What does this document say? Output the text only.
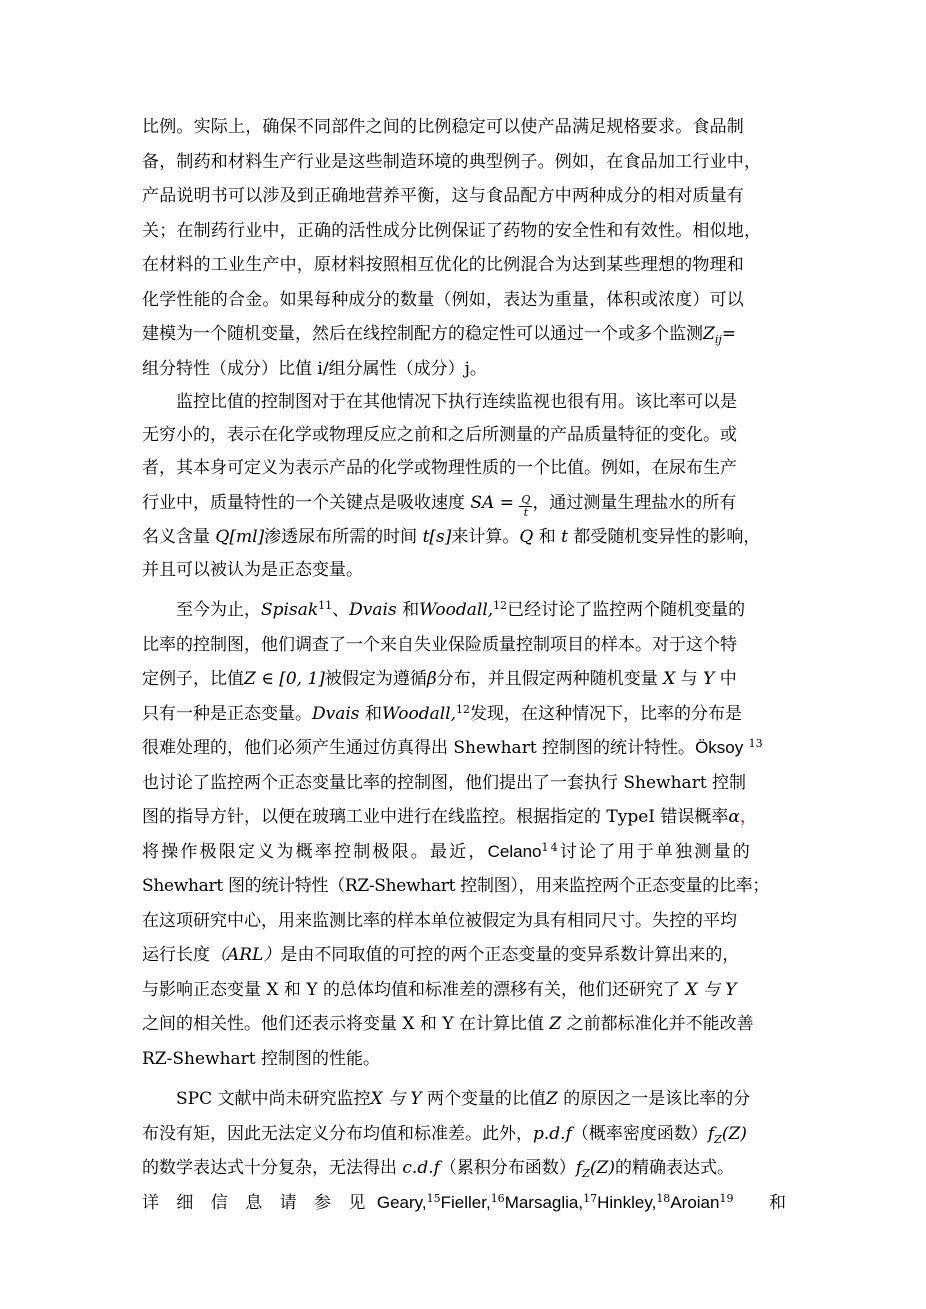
比例。实际上，确保不同部件之间的比例稳定可以使产品满足规格要求。食品制
备，制药和材料生产行业是这些制造环境的典型例子。例如，在食品加工行业中，
产品说明书可以涉及到正确地营养平衡，这与食品配方中两种成分的相对质量有
关；在制药行业中，正确的活性成分比例保证了药物的安全性和有效性。相似地，
在材料的工业生产中，原材料按照相互优化的比例混合为达到某些理想的物理和
化学性能的合金。如果每种成分的数量（例如，表达为重量，体积或浓度）可以
建模为一个随机变量，然后在线控制配方的稳定性可以通过一个或多个监测$Z_{ij}=$
组分特性（成分）比值 i/组分属性（成分）j。

监控比值的控制图对于在其他情况下执行连续监视也很有用。该比率可以是
无穷小的，表示在化学或物理反应之前和之后所测量的产品质量特征的变化。或
者，其本身可定义为表示产品的化学或物理性质的一个比值。例如，在尿布生产
行业中，质量特性的一个关键点是吸收速度 SA = $\frac{Q}{t}$ ，通过测量生理盐水的所有
名义含量 Q[ml]渗透尿布所需的时间 t[s]来计算。Q 和 t 都受随机变异性的影响，
并且可以被认为是正态变量。

至今为止，Spisak$^{11}$、Dvais 和Woodall,$^{12}$已经讨论了监控两个随机变量的
比率的控制图，他们调查了一个来自失业保险质量控制项目的样本。对于这个特
定例子，比值Z ∈ [0, 1]被假定为遵循β分布，并且假定两种随机变量 X 与 Y 中
只有一种是正态变量。Dvais 和Woodall,$^{12}$发现，在这种情况下，比率的分布是
很难处理的，他们必须产生通过仿真得出 Shewhart 控制图的统计特性。Öksoy $^{13}$
也讨论了监控两个正态变量比率的控制图，他们提出了一套执行 Shewhart 控制
图的指导方针，以便在玻璃工业中进行在线监控。根据指定的 TypeI 错误概率α，
将操作极限定义为概率控制极限。最近，Celano$^{14}$讨论了用于单独测量的
Shewhart 图的统计特性（RZ-Shewhart 控制图），用来监控两个正态变量的比率；
在这项研究中心，用来监测比率的样本单位被假定为具有相同尺寸。失控的平均
运行长度（ARL）是由不同取值的可控的两个正态变量的变异系数计算出来的，
与影响正态变量 X 和 Y 的总体均值和标准差的漂移有关，他们还研究了 X 与 Y
之间的相关性。他们还表示将变量 X 和 Y 在计算比值 Z 之前都标准化并不能改善
RZ-Shewhart 控制图的性能。

SPC 文献中尚未研究监控X 与 Y 两个变量的比值Z 的原因之一是该比率的分
布没有矩，因此无法定义分布均值和标准差。此外，p.d.f（概率密度函数）$f_Z(Z)$
的数学表达式十分复杂，无法得出 c.d.f（累积分布函数）$f_Z(Z)$的精确表达式。
详 细 信 息 请 参 见 Geary,$^{15}$Fieller,$^{16}$Marsaglia,$^{17}$Hinkley,$^{18}$Aroian$^{19}$ 和
